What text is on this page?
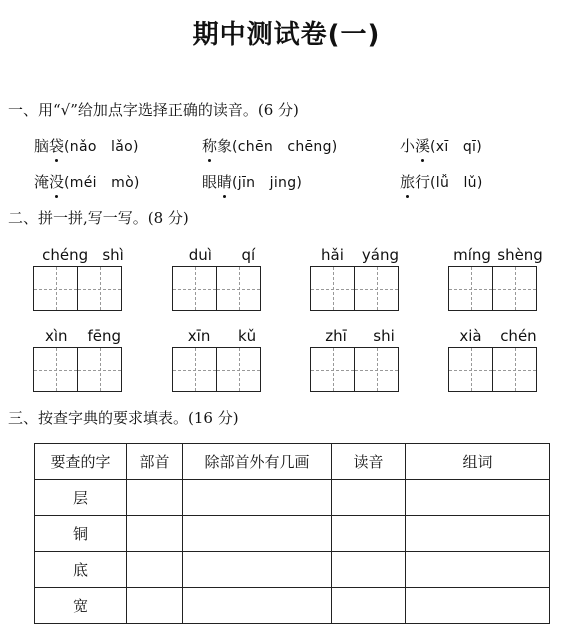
期中测试卷(一)
一、用“√”给加点字选择正确的读音。(6 分)
脑袋(nǎo　lǎo)	称象(chēn　chēng)	小溪(xī　qī)
淹没(méi　mò)	眼睛(jīn　jing)	旅行(lǚ　lǔ)
二、拼一拼,写一写。(8 分)
chéng shì	duì qí	hǎi yáng	míng shèng
xìn fēng	xīn kǔ	zhī shi	xià chén
三、按查字典的要求填表。(16 分)
要查的字	部首	除部首外有几画	读音	组词
层				
铜				
底				
宽				
